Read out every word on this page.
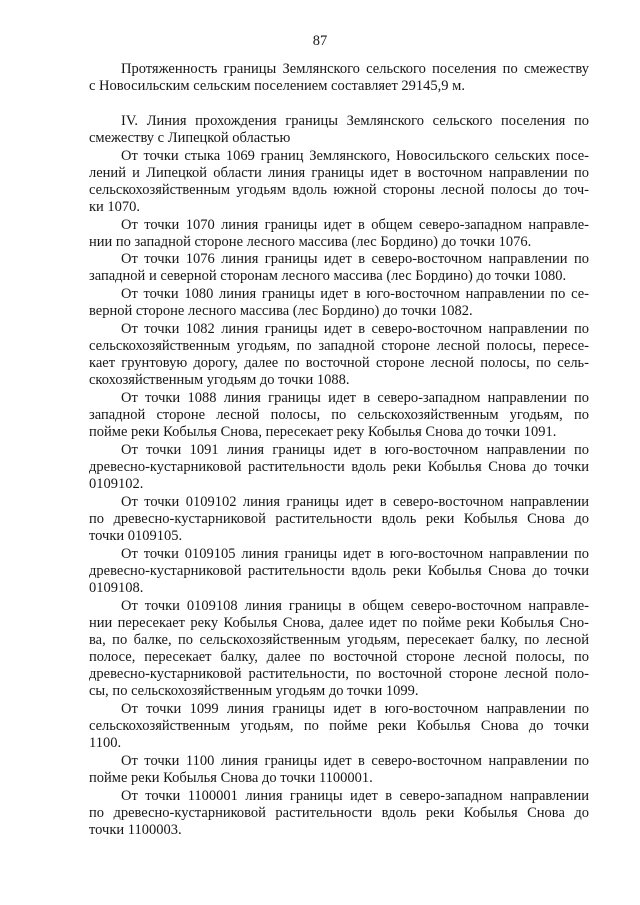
87
Протяженность границы Землянского сельского поселения по смежеству
с Новосильским сельским поселением составляет 29145,9 м.
IV. Линия прохождения границы Землянского сельского поселения по
смежеству с Липецкой областью
От точки стыка 1069 границ Землянского, Новосильского сельских посе-
лений и Липецкой области линия границы идет в восточном направлении по
сельскохозяйственным угодьям вдоль южной стороны лесной полосы до точ-
ки 1070.
От точки 1070 линия границы идет в общем северо-западном направле-
нии по западной стороне лесного массива (лес Бордино) до точки 1076.
От точки 1076 линия границы идет в северо-восточном направлении по
западной и северной сторонам лесного массива (лес Бордино) до точки 1080.
От точки 1080 линия границы идет в юго-восточном направлении по се-
верной стороне лесного массива (лес Бордино) до точки 1082.
От точки 1082 линия границы идет в северо-восточном направлении по
сельскохозяйственным угодьям, по западной стороне лесной полосы, пересе-
кает грунтовую дорогу, далее по восточной стороне лесной полосы, по сель-
скохозяйственным угодьям до точки 1088.
От точки 1088 линия границы идет в северо-западном направлении по
западной стороне лесной полосы, по сельскохозяйственным угодьям, по
пойме реки Кобылья Снова, пересекает реку Кобылья Снова до точки 1091.
От точки 1091 линия границы идет в юго-восточном направлении по
древесно-кустарниковой растительности вдоль реки Кобылья Снова до точки
0109102.
От точки 0109102 линия границы идет в северо-восточном направлении
по древесно-кустарниковой растительности вдоль реки Кобылья Снова до
точки 0109105.
От точки 0109105 линия границы идет в юго-восточном направлении по
древесно-кустарниковой растительности вдоль реки Кобылья Снова до точки
0109108.
От точки 0109108 линия границы в общем северо-восточном направле-
нии пересекает реку Кобылья Снова, далее идет по пойме реки Кобылья Сно-
ва, по балке, по сельскохозяйственным угодьям, пересекает балку, по лесной
полосе, пересекает балку, далее по восточной стороне лесной полосы, по
древесно-кустарниковой растительности, по восточной стороне лесной поло-
сы, по сельскохозяйственным угодьям до точки 1099.
От точки 1099 линия границы идет в юго-восточном направлении по
сельскохозяйственным угодьям, по пойме реки Кобылья Снова до точки
1100.
От точки 1100 линия границы идет в северо-восточном направлении по
пойме реки Кобылья Снова до точки 1100001.
От точки 1100001 линия границы идет в северо-западном направлении
по древесно-кустарниковой растительности вдоль реки Кобылья Снова до
точки 1100003.
